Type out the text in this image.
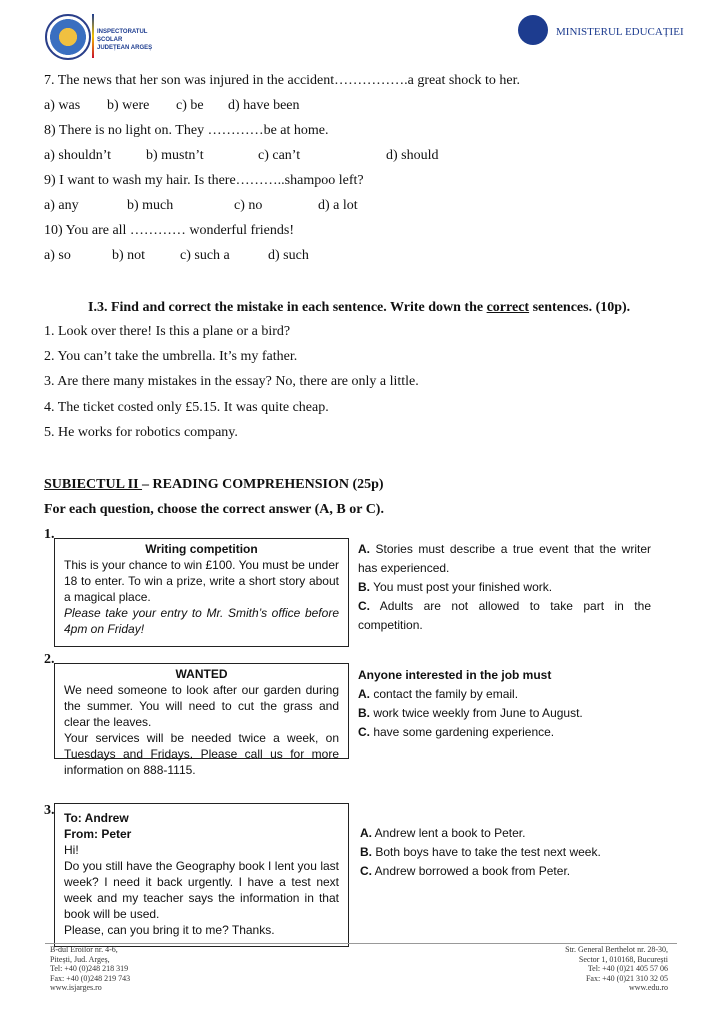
INSPECTORATUL ȘCOLAR JUDEȚEAN ARGEȘ
MINISTERUL EDUCAȚIEI
7. The news that her son was injured in the accident…………….a great shock to her.
a) was b) were c) be d) have been
8) There is no light on. They …………be at home.
a) shouldn’t b) mustn’t	c) can’t	d) should
9) I want to wash my hair. Is there………..shampoo left?
a) any	b) much	c) no	d) a lot
10) You are all ………… wonderful friends!
a) so	b) not c) such a	d) such
I.3. Find and correct the mistake in each sentence. Write down the correct sentences. (10p).
1. Look over there! Is this a plane or a bird?
2. You can’t take the umbrella. It’s my father.
3. Are there many mistakes in the essay? No, there are only a little.
4. The ticket costed only £5.15. It was quite cheap.
5. He works for robotics company.
SUBIECTUL II – READING COMPREHENSION (25p)
For each question, choose the correct answer (A, B or C).
1.
Writing competition
This is your chance to win £100. You must be under 18 to enter. To win a prize, write a short story about a magical place.
Please take your entry to Mr. Smith’s office before 4pm on Friday!
A. Stories must describe a true event that the writer has experienced.
B. You must post your finished work.
C. Adults are not allowed to take part in the competition.
2.
WANTED
We need someone to look after our garden during the summer. You will need to cut the grass and clear the leaves.
Your services will be needed twice a week, on Tuesdays and Fridays. Please call us for more information on 888-1115.
Anyone interested in the job must
A. contact the family by email.
B. work twice weekly from June to August.
C. have some gardening experience.
3. To: Andrew
From: Peter
Hi!
Do you still have the Geography book I lent you last week? I need it back urgently. I have a test next week and my teacher says the information in that book will be used.
Please, can you bring it to me? Thanks.
A. Andrew lent a book to Peter.
B. Both boys have to take the test next week.
C. Andrew borrowed a book from Peter.
B-dul Eroilor nr. 4-6,
Pitești, Jud. Argeș,
Tel: +40 (0)248 218 319
Fax: +40 (0)248 219 743
www.isjarges.ro
Str. General Berthelot nr. 28-30,
Sector 1, 010168, București
Tel: +40 (0)21 405 57 06
Fax: +40 (0)21 310 32 05
www.edu.ro
